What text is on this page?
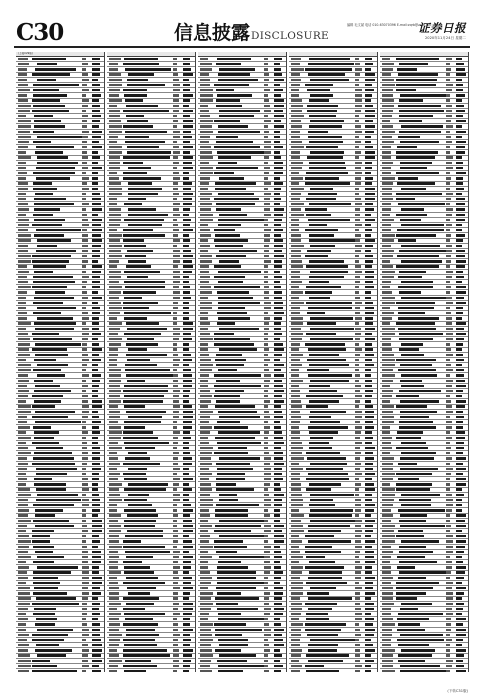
C30	信息披露 DISCLOSURE
编辑 毛文斌 电话 010-63070396 E-mail:zqrb@zqrb.net
证券日报
2020年11月24日 星期二
(上接C29版)
(下转C31版)
